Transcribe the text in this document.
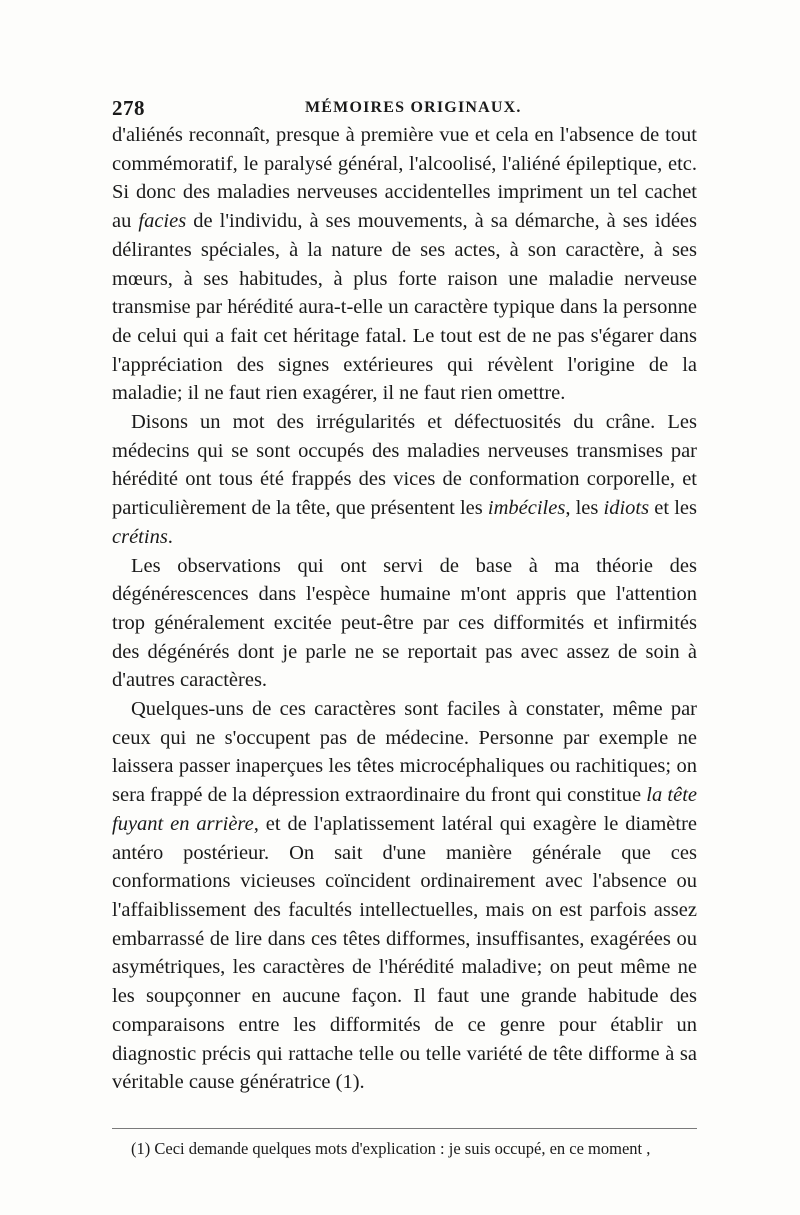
278	MÉMOIRES ORIGINAUX.

d'aliénés reconnaît, presque à première vue et cela en l'absence de tout commémoratif, le paralysé général, l'alcoolisé, l'aliéné épileptique, etc. Si donc des maladies nerveuses accidentelles impriment un tel cachet au facies de l'individu, à ses mouvements, à sa démarche, à ses idées délirantes spéciales, à la nature de ses actes, à son caractère, à ses mœurs, à ses habitudes, à plus forte raison une maladie nerveuse transmise par hérédité aura-t-elle un caractère typique dans la personne de celui qui a fait cet héritage fatal. Le tout est de ne pas s'égarer dans l'appréciation des signes extérieures qui révèlent l'origine de la maladie; il ne faut rien exagérer, il ne faut rien omettre.

Disons un mot des irrégularités et défectuosités du crâne. Les médecins qui se sont occupés des maladies nerveuses transmises par hérédité ont tous été frappés des vices de conformation corporelle, et particulièrement de la tête, que présentent les imbéciles, les idiots et les crétins.

Les observations qui ont servi de base à ma théorie des dégénérescences dans l'espèce humaine m'ont appris que l'attention trop généralement excitée peut-être par ces difformités et infirmités des dégénérés dont je parle ne se reportait pas avec assez de soin à d'autres caractères.

Quelques-uns de ces caractères sont faciles à constater, même par ceux qui ne s'occupent pas de médecine. Personne par exemple ne laissera passer inaperçues les têtes microcéphaliques ou rachitiques; on sera frappé de la dépression extraordinaire du front qui constitue la tête fuyant en arrière, et de l'aplatissement latéral qui exagère le diamètre antéro postérieur. On sait d'une manière générale que ces conformations vicieuses coïncident ordinairement avec l'absence ou l'affaiblissement des facultés intellectuelles, mais on est parfois assez embarrassé de lire dans ces têtes difformes, insuffisantes, exagérées ou asymétriques, les caractères de l'hérédité maladive; on peut même ne les soupçonner en aucune façon. Il faut une grande habitude des comparaisons entre les difformités de ce genre pour établir un diagnostic précis qui rattache telle ou telle variété de tête difforme à sa véritable cause génératrice (1).

(1) Ceci demande quelques mots d'explication : je suis occupé, en ce moment ,
